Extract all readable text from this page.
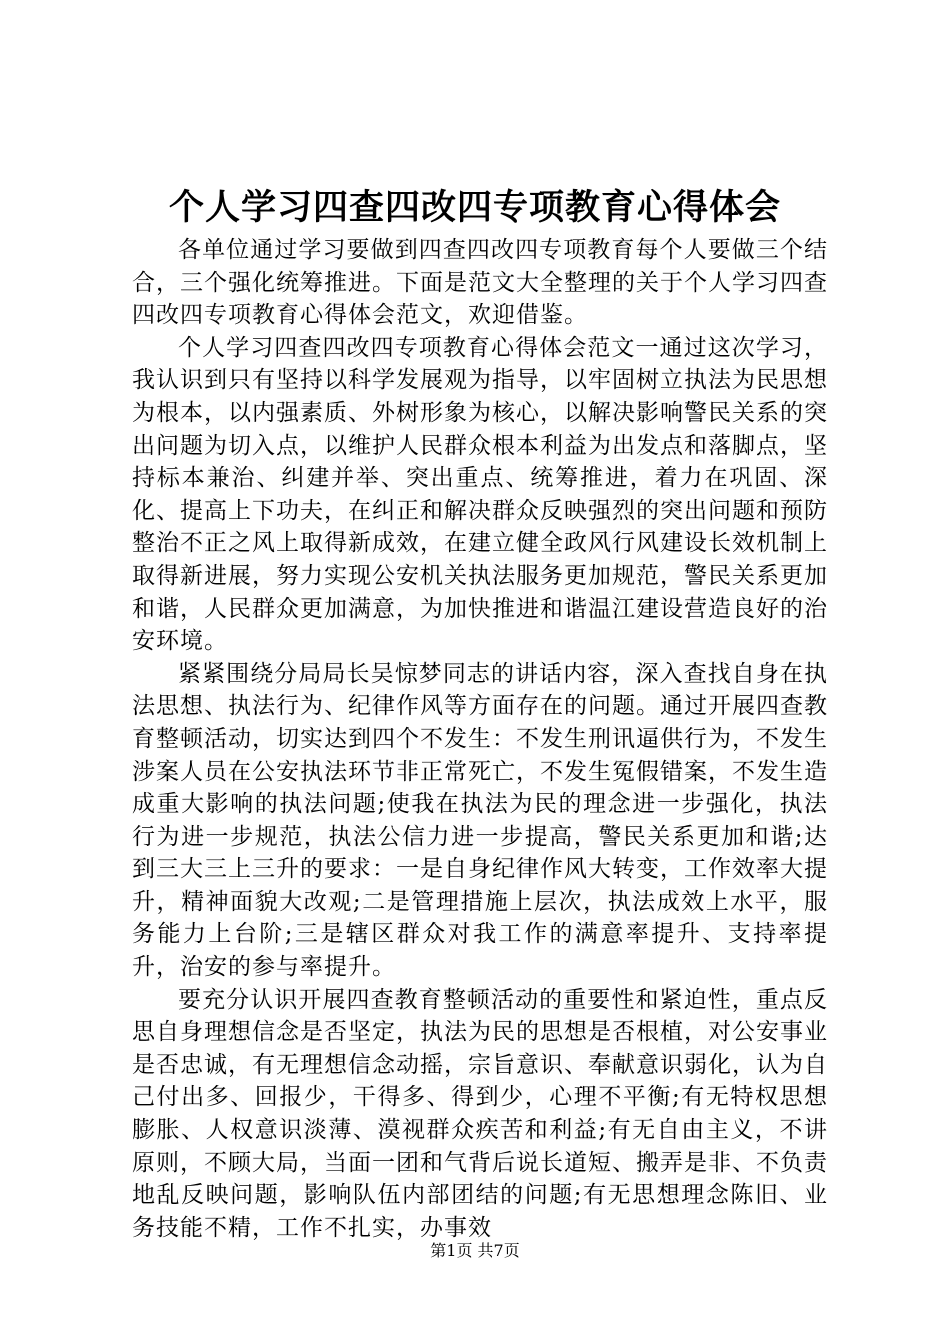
个人学习四查四改四专项教育心得体会

各单位通过学习要做到四查四改四专项教育每个人要做三个结合，三个强化统筹推进。下面是范文大全整理的关于个人学习四查四改四专项教育心得体会范文，欢迎借鉴。

个人学习四查四改四专项教育心得体会范文一通过这次学习，我认识到只有坚持以科学发展观为指导，以牢固树立执法为民思想为根本，以内强素质、外树形象为核心，以解决影响警民关系的突出问题为切入点，以维护人民群众根本利益为出发点和落脚点，坚持标本兼治、纠建并举、突出重点、统筹推进，着力在巩固、深化、提高上下功夫，在纠正和解决群众反映强烈的突出问题和预防整治不正之风上取得新成效，在建立健全政风行风建设长效机制上取得新进展，努力实现公安机关执法服务更加规范，警民关系更加和谐，人民群众更加满意，为加快推进和谐温江建设营造良好的治安环境。

紧紧围绕分局局长吴惊梦同志的讲话内容，深入查找自身在执法思想、执法行为、纪律作风等方面存在的问题。通过开展四查教育整顿活动，切实达到四个不发生：不发生刑讯逼供行为，不发生涉案人员在公安执法环节非正常死亡，不发生冤假错案，不发生造成重大影响的执法问题;使我在执法为民的理念进一步强化，执法行为进一步规范，执法公信力进一步提高，警民关系更加和谐;达到三大三上三升的要求：一是自身纪律作风大转变，工作效率大提升，精神面貌大改观;二是管理措施上层次，执法成效上水平，服务能力上台阶;三是辖区群众对我工作的满意率提升、支持率提升，治安的参与率提升。

要充分认识开展四查教育整顿活动的重要性和紧迫性，重点反思自身理想信念是否坚定，执法为民的思想是否根植，对公安事业是否忠诚，有无理想信念动摇，宗旨意识、奉献意识弱化，认为自己付出多、回报少，干得多、得到少，心理不平衡;有无特权思想膨胀、人权意识淡薄、漠视群众疾苦和利益;有无自由主义，不讲原则，不顾大局，当面一团和气背后说长道短、搬弄是非、不负责地乱反映问题，影响队伍内部团结的问题;有无思想理念陈旧、业务技能不精，工作不扎实，办事效

第1页 共7页
